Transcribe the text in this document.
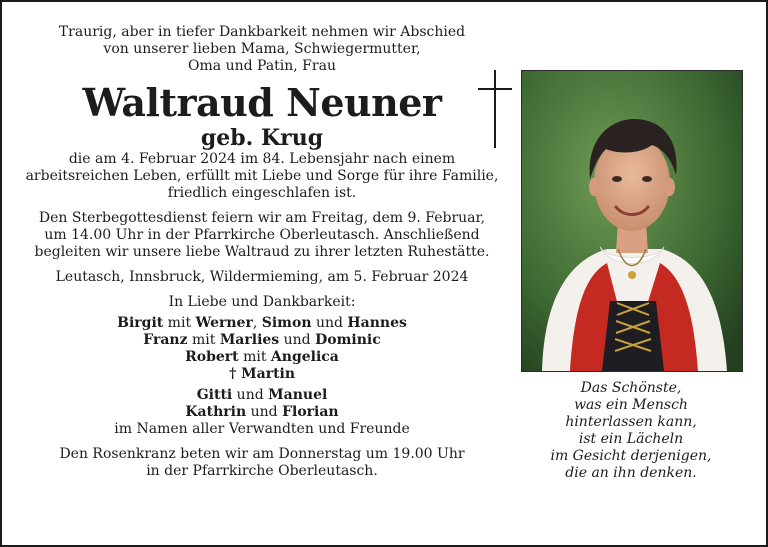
Traurig, aber in tiefer Dankbarkeit nehmen wir Abschied

von unserer lieben Mama, Schwiegermutter,

Oma und Patin, Frau

Waltraud Neuner

geb. Krug

die am 4. Februar 2024 im 84. Lebensjahr nach einem

arbeitsreichen Leben, erfüllt mit Liebe und Sorge für ihre Familie,

friedlich eingeschlafen ist.

Den Sterbegottesdienst feiern wir am Freitag, dem 9. Februar,

um 14.00 Uhr in der Pfarrkirche Oberleutasch. Anschließend

begleiten wir unsere liebe Waltraud zu ihrer letzten Ruhestätte.

Leutasch, Innsbruck, Wildermieming, am 5. Februar 2024

In Liebe und Dankbarkeit:

Birgit mit Werner, Simon und Hannes

Franz mit Marlies und Dominic

Robert mit Angelica

† Martin

Gitti und Manuel

Kathrin und Florian

im Namen aller Verwandten und Freunde

Den Rosenkranz beten wir am Donnerstag um 19.00 Uhr

in der Pfarrkirche Oberleutasch.

Das Schönste,

was ein Mensch

hinterlassen kann,

ist ein Lächeln

im Gesicht derjenigen,

die an ihn denken.
